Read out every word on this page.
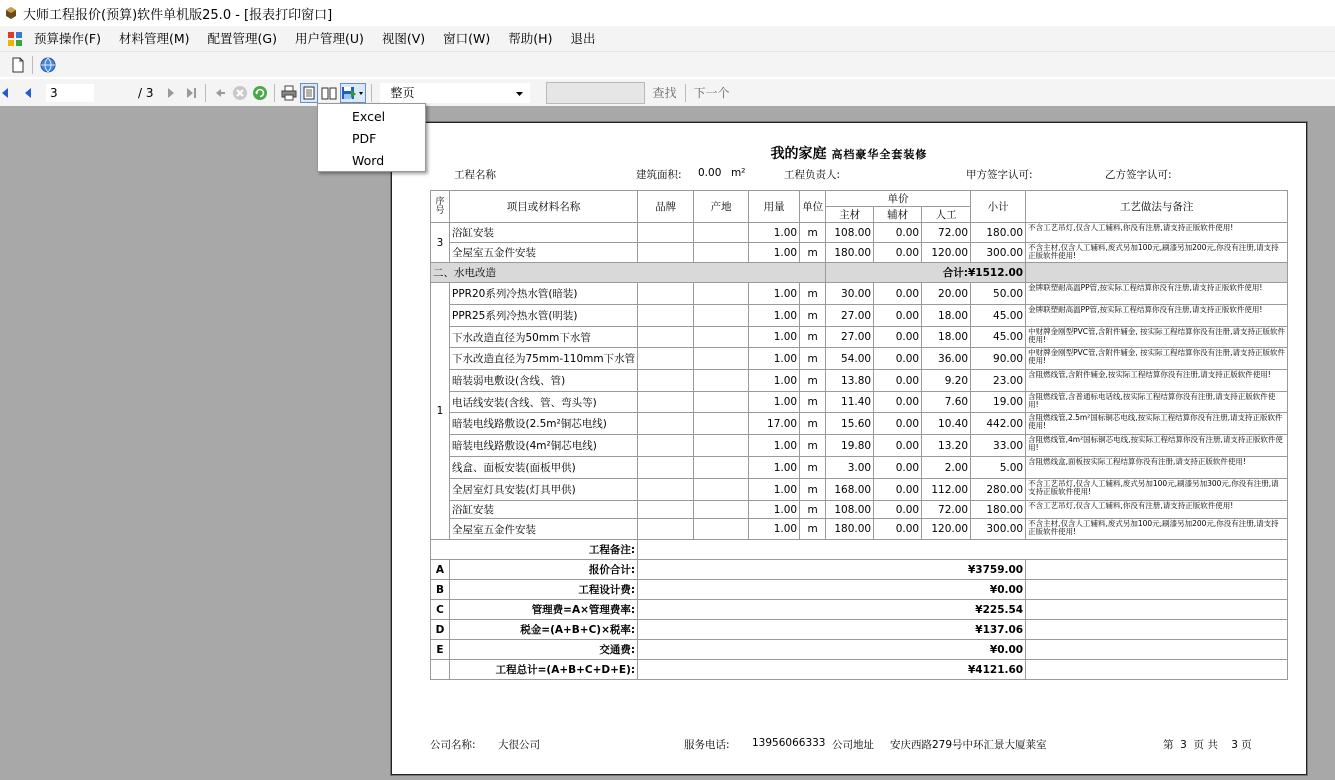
大师工程报价(预算)软件单机版25.0 - [报表打印窗口]
预算操作(F)	材料管理(M)	配置管理(G)	用户管理(U)	视图(V)	窗口(W)	帮助(H)	退出
3
/ 3	整页	查找	下一个
Excel
PDF
Word	我的家庭 高档豪华全套装修
工程名称	建筑面积: 0.00 m²	工程负责人:	甲方签字认可:	乙方签字认可:
序号	项目或材料名称	品牌	产地	用量	单位	单价			小计	工艺做法与备注
						主材	辅材	人工		
3	浴缸安装			1.00	m	108.00	0.00	72.00	180.00	不含工艺吊灯,仅含人工辅料,你没有注册,请支持正版软件使用!
	全屋室五金件安装			1.00	m	180.00	0.00	120.00	300.00	不含主材,仅含人工辅料,废式另加100元,刷漆另加200元,你没有注册,请支持正版软件使用!
二、水电改造						合计:¥1512.00				
1	PPR20系列冷热水管(暗装)			1.00	m	30.00	0.00	20.00	50.00	金牌联塑耐高温PP管,按实际工程结算你没有注册,请支持正版软件使用!
	PPR25系列冷热水管(明装)			1.00	m	27.00	0.00	18.00	45.00	金牌联塑耐高温PP管,按实际工程结算你没有注册,请支持正版软件使用!
	下水改造直径为50mm下水管			1.00	m	27.00	0.00	18.00	45.00	中财牌金刚型PVC管,含附件辅金, 按实际工程结算你没有注册,请支持正版软件使用!
	下水改造直径为75mm-110mm下水管			1.00	m	54.00	0.00	36.00	90.00	中财牌金刚型PVC管,含附件辅金, 按实际工程结算你没有注册,请支持正版软件使用!
	暗装弱电敷设(含线、管)			1.00	m	13.80	0.00	9.20	23.00	含阻燃线管,含附件辅金,按实际工程结算你没有注册,请支持正版软件使用!
	电话线安装(含线、管、弯头等)			1.00	m	11.40	0.00	7.60	19.00	含阻燃线管,含普通标电话线,按实际工程结算你没有注册,请支持正版软件使用!
	暗装电线路敷设(2.5m²铜芯电线)			17.00	m	15.60	0.00	10.40	442.00	含阻燃线管,2.5m²国标铜芯电线,按实际工程结算你没有注册,请支持正版软件使用!
	暗装电线路敷设(4m²铜芯电线)			1.00	m	19.80	0.00	13.20	33.00	含阻燃线管,4m²国标铜芯电线,按实际工程结算你没有注册,请支持正版软件使用!
	线盒、面板安装(面板甲供)			1.00	m	3.00	0.00	2.00	5.00	含阻燃线盒,面板按实际工程结算你没有注册,请支持正版软件使用!
	全居室灯具安装(灯具甲供)			1.00	m	168.00	0.00	112.00	280.00	不含工艺吊灯,仅含人工辅料,废式另加100元,刷漆另加300元,你没有注册,请支持正版软件使用!
	浴缸安装			1.00	m	108.00	0.00	72.00	180.00	不含工艺吊灯,仅含人工辅料,你没有注册,请支持正版软件使用!
	全屋室五金件安装			1.00	m	180.00	0.00	120.00	300.00	不含主材,仅含人工辅料,废式另加100元,刷漆另加200元,你没有注册,请支持正版软件使用!
工程备注:										
A	报价合计:	¥3759.00								
B	工程设计费:	¥0.00								
C	管理费=A×管理费率:	¥225.54								
D	税金=(A+B+C)×税率:	¥137.06								
E	交通费:	¥0.00								
	工程总计=(A+B+C+D+E):	¥4121.60								
公司名称: 大很公司	服务电话: 13956066333 公司地址 安庆西路279号中环汇景大厦莱室	第  3  页 共    3 页
